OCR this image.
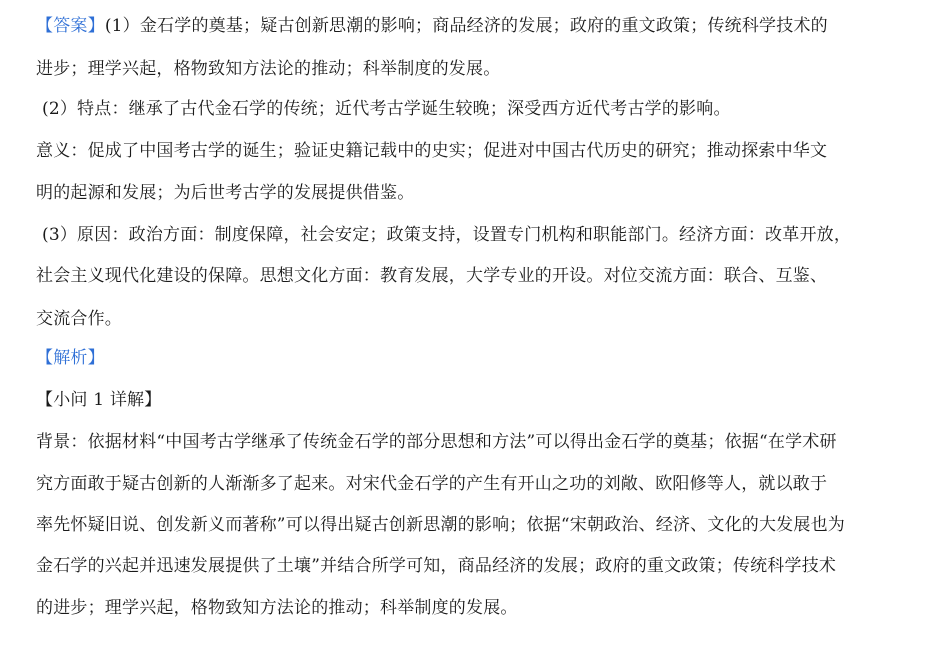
【答案】(1）金石学的奠基；疑古创新思潮的影响；商品经济的发展；政府的重文政策；传统科学技术的
进步；理学兴起，格物致知方法论的推动；科举制度的发展。
(2）特点：继承了古代金石学的传统；近代考古学诞生较晚；深受西方近代考古学的影响。
意义：促成了中国考古学的诞生；验证史籍记载中的史实；促进对中国古代历史的研究；推动探索中华文
明的起源和发展；为后世考古学的发展提供借鉴。
(3）原因：政治方面：制度保障，社会安定；政策支持，设置专门机构和职能部门。经济方面：改革开放，
社会主义现代化建设的保障。思想文化方面：教育发展，大学专业的开设。对位交流方面：联合、互鉴、
交流合作。
【解析】
【小问 1 详解】
背景：依据材料“中国考古学继承了传统金石学的部分思想和方法”可以得出金石学的奠基；依据“在学术研
究方面敢于疑古创新的人渐渐多了起来。对宋代金石学的产生有开山之功的刘敞、欧阳修等人，就以敢于
率先怀疑旧说、创发新义而著称”可以得出疑古创新思潮的影响；依据“宋朝政治、经济、文化的大发展也为
金石学的兴起并迅速发展提供了土壤”并结合所学可知，商品经济的发展；政府的重文政策；传统科学技术
的进步；理学兴起，格物致知方法论的推动；科举制度的发展。
